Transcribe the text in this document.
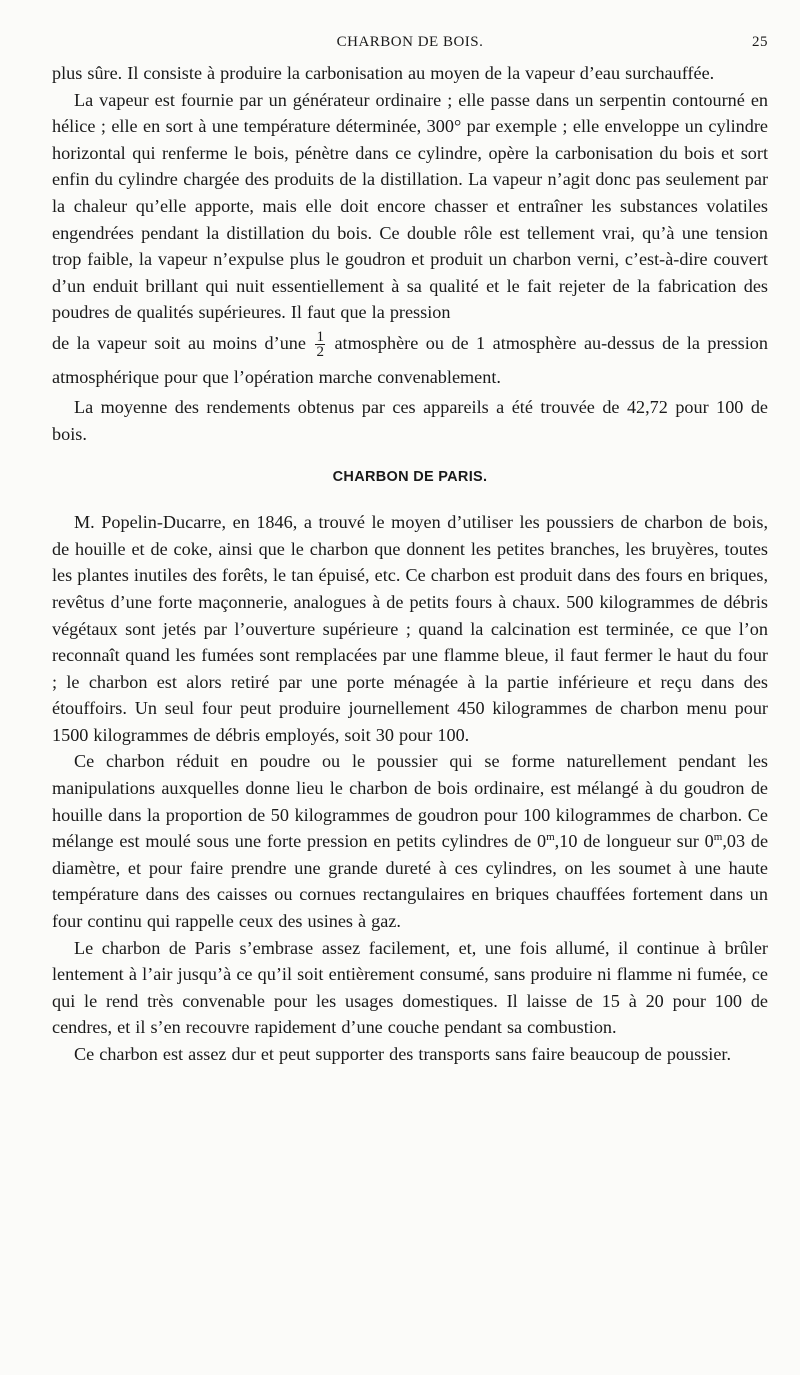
CHARBON DE BOIS.	25

plus sûre. Il consiste à produire la carbonisation au moyen de la vapeur d’eau surchauffée.

La vapeur est fournie par un générateur ordinaire ; elle passe dans un serpentin contourné en hélice ; elle en sort à une température déterminée, 300° par exemple ; elle enveloppe un cylindre horizontal qui renferme le bois, pénètre dans ce cylindre, opère la carbonisation du bois et sort enfin du cylindre chargée des produits de la distillation. La vapeur n’agit donc pas seulement par la chaleur qu’elle apporte, mais elle doit encore chasser et entraîner les substances volatiles engendrées pendant la distillation du bois. Ce double rôle est tellement vrai, qu’à une tension trop faible, la vapeur n’expulse plus le goudron et produit un charbon verni, c’est-à-dire couvert d’un enduit brillant qui nuit essentiellement à sa qualité et le fait rejeter de la fabrication des poudres de qualités supérieures. Il faut que la pression

de la vapeur soit au moins d’une $\frac{1}{2}$ atmosphère ou de 1 atmosphère au-dessus de la pression atmosphérique pour que l’opération marche convenablement.

La moyenne des rendements obtenus par ces appareils a été trouvée de 42,72 pour 100 de bois.

CHARBON DE PARIS.

M. Popelin-Ducarre, en 1846, a trouvé le moyen d’utiliser les poussiers de charbon de bois, de houille et de coke, ainsi que le charbon que donnent les petites branches, les bruyères, toutes les plantes inutiles des forêts, le tan épuisé, etc. Ce charbon est produit dans des fours en briques, revêtus d’une forte maçonnerie, analogues à de petits fours à chaux. 500 kilogrammes de débris végétaux sont jetés par l’ouverture supérieure ; quand la calcination est terminée, ce que l’on reconnaît quand les fumées sont remplacées par une flamme bleue, il faut fermer le haut du four ; le charbon est alors retiré par une porte ménagée à la partie inférieure et reçu dans des étouffoirs. Un seul four peut produire journellement 450 kilogrammes de charbon menu pour 1500 kilogrammes de débris employés, soit 30 pour 100.

Ce charbon réduit en poudre ou le poussier qui se forme naturellement pendant les manipulations auxquelles donne lieu le charbon de bois ordinaire, est mélangé à du goudron de houille dans la proportion de 50 kilogrammes de goudron pour 100 kilogrammes de charbon. Ce mélange est moulé sous une forte pression en petits cylindres de 0$^m$,10 de longueur sur 0$^m$,03 de diamètre, et pour faire prendre une grande dureté à ces cylindres, on les soumet à une haute température dans des caisses ou cornues rectangulaires en briques chauffées fortement dans un four continu qui rappelle ceux des usines à gaz.

Le charbon de Paris s’embrase assez facilement, et, une fois allumé, il continue à brûler lentement à l’air jusqu’à ce qu’il soit entièrement consumé, sans produire ni flamme ni fumée, ce qui le rend très convenable pour les usages domestiques. Il laisse de 15 à 20 pour 100 de cendres, et il s’en recouvre rapidement d’une couche pendant sa combustion.

Ce charbon est assez dur et peut supporter des transports sans faire beaucoup de poussier.
